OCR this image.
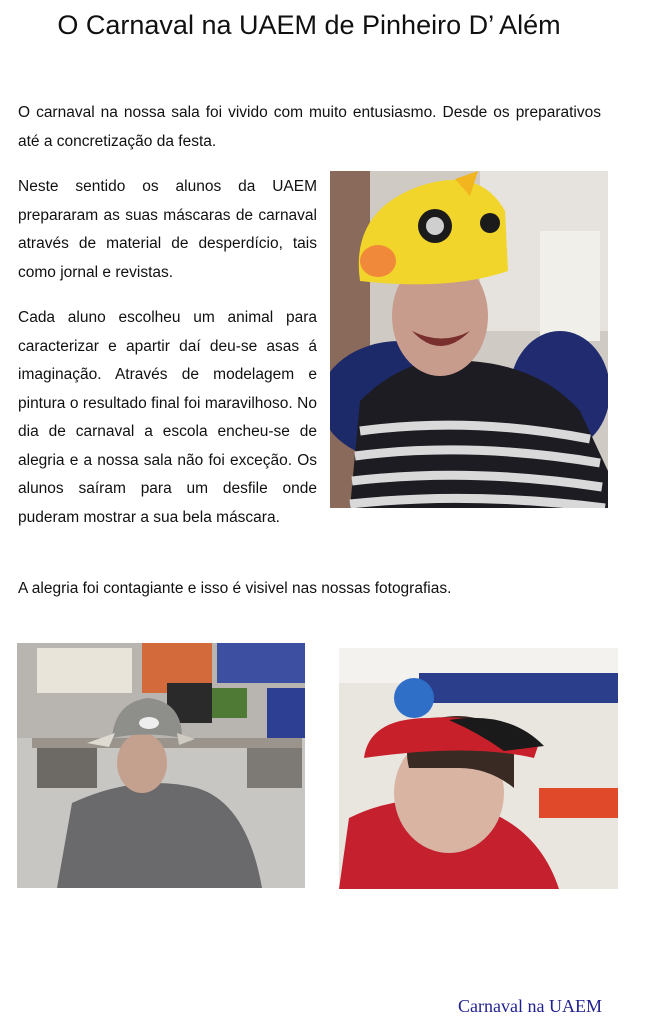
O Carnaval na UAEM de Pinheiro D’ Além

O carnaval na nossa sala foi vivido com muito entusiasmo. Desde os preparativos até a concretização da festa.

Neste sentido os alunos da UAEM prepararam as suas máscaras de carnaval através de material de desperdício, tais como jornal e revistas.

Cada aluno escolheu um animal para caracterizar e apartir daí deu-se asas á imaginação. Através de modelagem e pintura o resultado final foi maravilhoso. No dia de carnaval a escola encheu-se de alegria e a nossa sala não foi exceção. Os alunos saíram para um desfile onde puderam mostrar a sua bela máscara.

A alegria foi contagiante e isso é visivel nas nossas fotografias.

Carnaval na UAEM
